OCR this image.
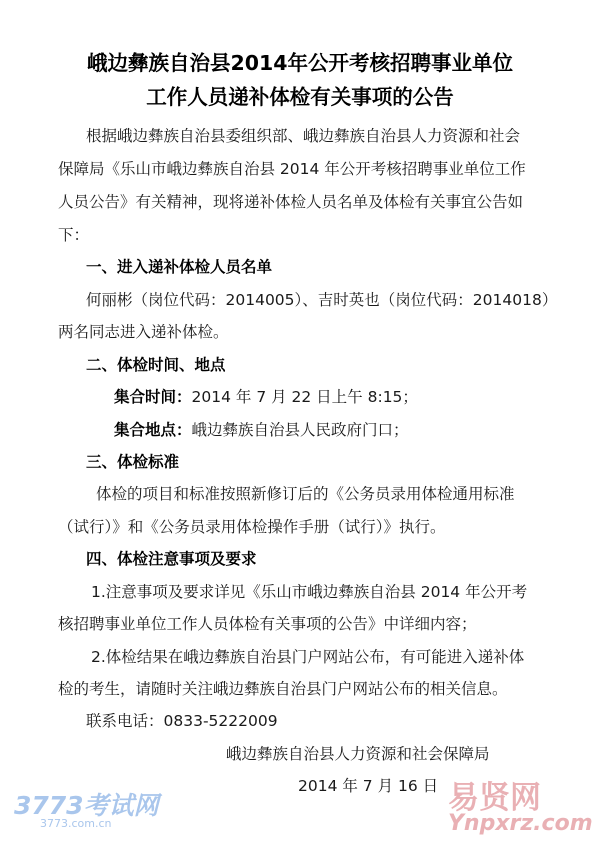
峨边彝族自治县2014年公开考核招聘事业单位
工作人员递补体检有关事项的公告
根据峨边彝族自治县委组织部、峨边彝族自治县人力资源和社会
保障局《乐山市峨边彝族自治县 2014 年公开考核招聘事业单位工作
人员公告》有关精神，现将递补体检人员名单及体检有关事宜公告如
下：
一、进入递补体检人员名单
何丽彬（岗位代码：2014005）、吉时英也（岗位代码：2014018）
两名同志进入递补体检。
二、体检时间、地点
集合时间：2014 年 7 月 22 日上午 8:15；
集合地点：峨边彝族自治县人民政府门口；
三、体检标准
体检的项目和标准按照新修订后的《公务员录用体检通用标准
（试行）》和《公务员录用体检操作手册（试行）》执行。
四、体检注意事项及要求
1.注意事项及要求详见《乐山市峨边彝族自治县 2014 年公开考
核招聘事业单位工作人员体检有关事项的公告》中详细内容；
2.体检结果在峨边彝族自治县门户网站公布，有可能进入递补体
检的考生，请随时关注峨边彝族自治县门户网站公布的相关信息。
联系电话：0833-5222009
峨边彝族自治县人力资源和社会保障局
2014 年 7 月 16 日
3773考试网
3773.com.cn
易贤网
Ynpxrz.com
